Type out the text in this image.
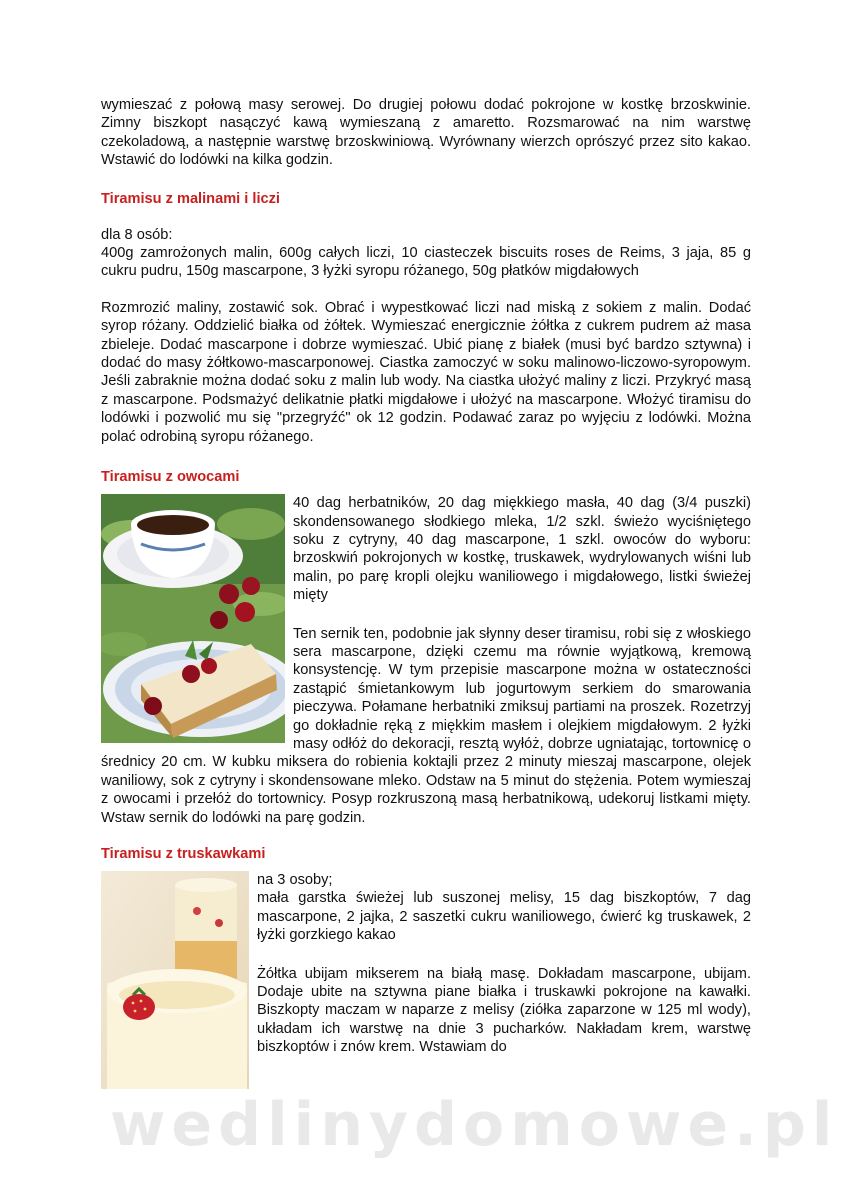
wymieszać z połową masy serowej. Do drugiej połowu dodać pokrojone w kostkę brzoskwinie. Zimny biszkopt nasączyć kawą wymieszaną z amaretto. Rozsmarować na nim warstwę czekoladową, a następnie warstwę brzoskwiniową. Wyrównany wierzch oprószyć przez sito kakao. Wstawić do lodówki na kilka godzin.

Tiramisu z malinami i liczi

dla 8 osób:

400g zamrożonych malin, 600g całych liczi, 10 ciasteczek biscuits roses de Reims, 3 jaja, 85 g cukru pudru, 150g mascarpone, 3 łyżki syropu różanego, 50g płatków migdałowych

Rozmrozić maliny, zostawić sok. Obrać i wypestkować liczi nad miską z sokiem z malin. Dodać syrop różany. Oddzielić białka od żółtek. Wymieszać energicznie żółtka z cukrem pudrem aż masa zbieleje. Dodać mascarpone i dobrze wymieszać. Ubić pianę z białek (musi być bardzo sztywna) i dodać do masy żółtkowo-mascarponowej. Ciastka zamoczyć w soku malinowo-liczowo-syropowym. Jeśli zabraknie można dodać soku z malin lub wody. Na ciastka ułożyć maliny z liczi. Przykryć masą z mascarpone. Podsmażyć delikatnie płatki migdałowe i ułożyć na mascarpone. Włożyć tiramisu do lodówki i pozwolić mu się "przegryźć" ok 12 godzin. Podawać zaraz po wyjęciu z lodówki. Można polać odrobiną syropu różanego.

Tiramisu z owocami

40 dag herbatników, 20 dag miękkiego masła, 40 dag (3/4 puszki) skondensowanego słodkiego mleka, 1/2 szkl. świeżo wyciśniętego soku z cytryny, 40 dag mascarpone, 1 szkl. owoców do wyboru: brzoskwiń pokrojonych w kostkę, truskawek, wydrylowanych wiśni lub malin, po parę kropli olejku waniliowego i migdałowego, listki świeżej mięty

Ten sernik ten, podobnie jak słynny deser tiramisu, robi się z włoskiego sera mascarpone, dzięki czemu ma równie wyjątkową, kremową konsystencję. W tym przepisie mascarpone można w ostateczności zastąpić śmietankowym lub jogurtowym serkiem do smarowania pieczywa. Połamane herbatniki zmiksuj partiami na proszek. Rozetrzyj go dokładnie ręką z miękkim masłem i olejkiem migdałowym. 2 łyżki masy odłóż do dekoracji, resztą wyłóż, dobrze ugniatając, tortownicę o średnicy 20 cm. W kubku miksera do robienia koktajli przez 2 minuty mieszaj mascarpone, olejek waniliowy, sok z cytryny i skondensowane mleko. Odstaw na 5 minut do stężenia. Potem wymieszaj z owocami i przełóż do tortownicy. Posyp rozkruszoną masą herbatnikową, udekoruj listkami mięty. Wstaw sernik do lodówki na parę godzin.

Tiramisu z truskawkami

na 3 osoby;

mała garstka świeżej lub suszonej melisy, 15 dag biszkoptów, 7 dag mascarpone, 2 jajka, 2 saszetki cukru waniliowego, ćwierć kg truskawek, 2 łyżki gorzkiego kakao

Żółtka ubijam mikserem na białą masę. Dokładam mascarpone, ubijam. Dodaje ubite na sztywna piane białka i truskawki pokrojone na kawałki. Biszkopty maczam w naparze z melisy (ziółka zaparzone w 125 ml wody), układam ich warstwę na dnie 3 pucharków. Nakładam krem, warstwę biszkoptów i znów krem. Wstawiam do

wedlinydomowe.pl
